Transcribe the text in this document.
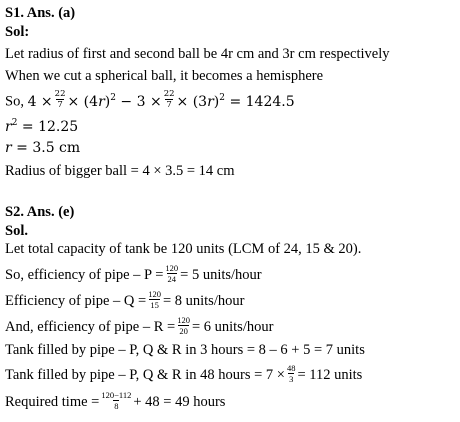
S1. Ans. (a)
Sol:
Let radius of first and second ball be 4r cm and 3r cm respectively
When we cut a spherical ball, it becomes a hemisphere
So, $4 \times \frac{22}{7} \times (4r)^2 - 3 \times \frac{22}{7} \times (3r)^2 = 1424.5$
$r^2 = 12.25$
r = 3.5 cm
Radius of bigger ball = 4 × 3.5 = 14 cm
S2. Ans. (e)
Sol.
Let total capacity of tank be 120 units (LCM of 24, 15 & 20).
So, efficiency of pipe – $P = \frac{120}{24} = 5$ units/hour
Efficiency of pipe – $Q = \frac{120}{15} = 8$ units/hour
And, efficiency of pipe – $R = \frac{120}{20} = 6$ units/hour
Tank filled by pipe – P, Q & R in 3 hours = 8 – 6 + 5 = 7 units
Tank filled by pipe – P, Q & R in 48 hours = $7 \times \frac{48}{3} = 112$ units
Required time = $\frac{120-112}{8} + 48 = 49$ hours
